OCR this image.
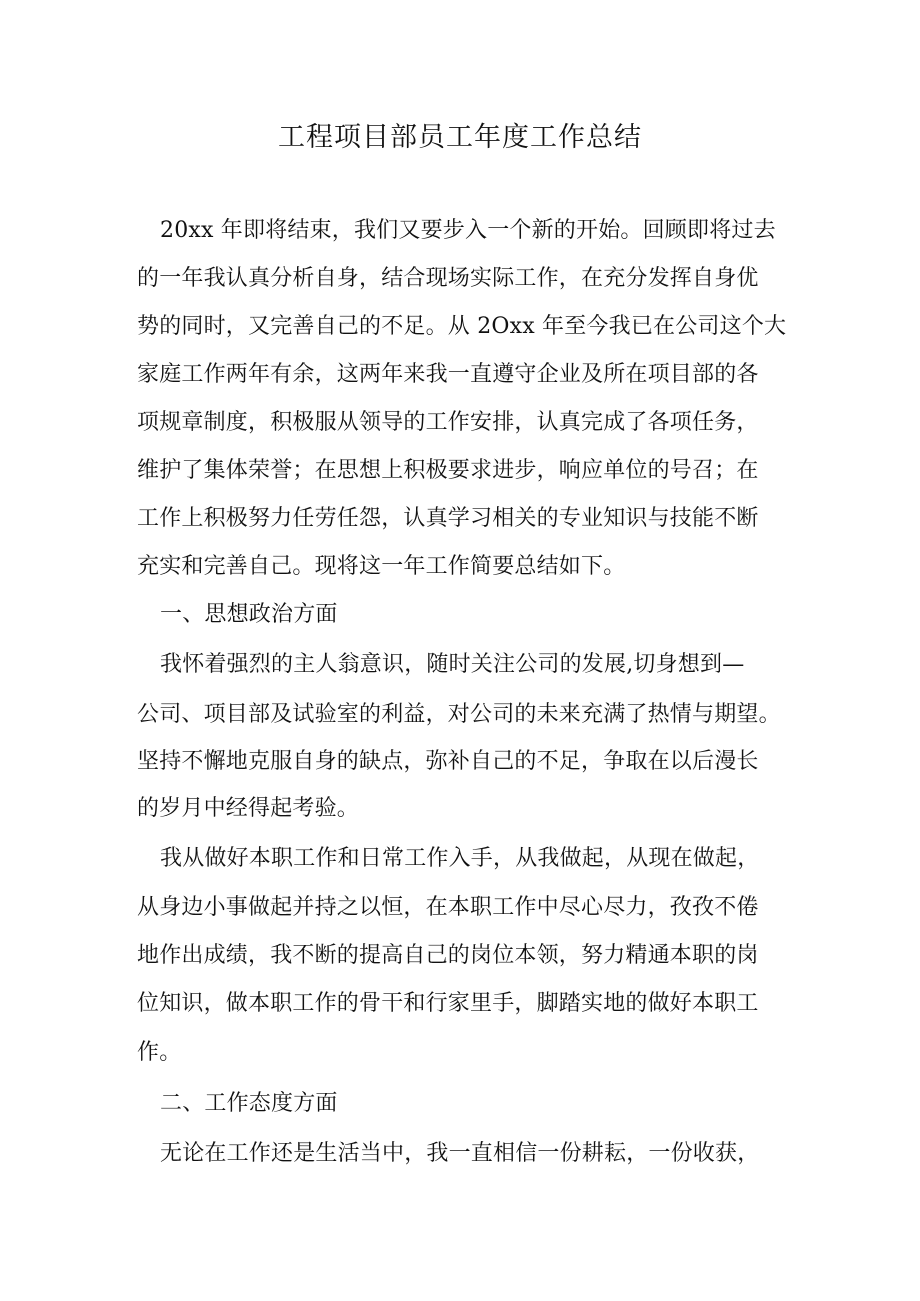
工程项目部员工年度工作总结
20xx 年即将结束，我们又要步入一个新的开始。回顾即将过去
的一年我认真分析自身，结合现场实际工作，在充分发挥自身优
势的同时，又完善自己的不足。从 2Oxx 年至今我已在公司这个大
家庭工作两年有余，这两年来我一直遵守企业及所在项目部的各
项规章制度，积极服从领导的工作安排，认真完成了各项任务，
维护了集体荣誉；在思想上积极要求进步，响应单位的号召；在
工作上积极努力任劳任怨，认真学习相关的专业知识与技能不断
充实和完善自己。现将这一年工作简要总结如下。
一、思想政治方面
我怀着强烈的主人翁意识，随时关注公司的发展,切身想到—
公司、项目部及试验室的利益，对公司的未来充满了热情与期望。
坚持不懈地克服自身的缺点，弥补自己的不足，争取在以后漫长
的岁月中经得起考验。
我从做好本职工作和日常工作入手，从我做起，从现在做起，
从身边小事做起并持之以恒，在本职工作中尽心尽力，孜孜不倦
地作出成绩，我不断的提高自己的岗位本领，努力精通本职的岗
位知识，做本职工作的骨干和行家里手，脚踏实地的做好本职工
作。
二、工作态度方面
无论在工作还是生活当中，我一直相信一份耕耘，一份收获，
